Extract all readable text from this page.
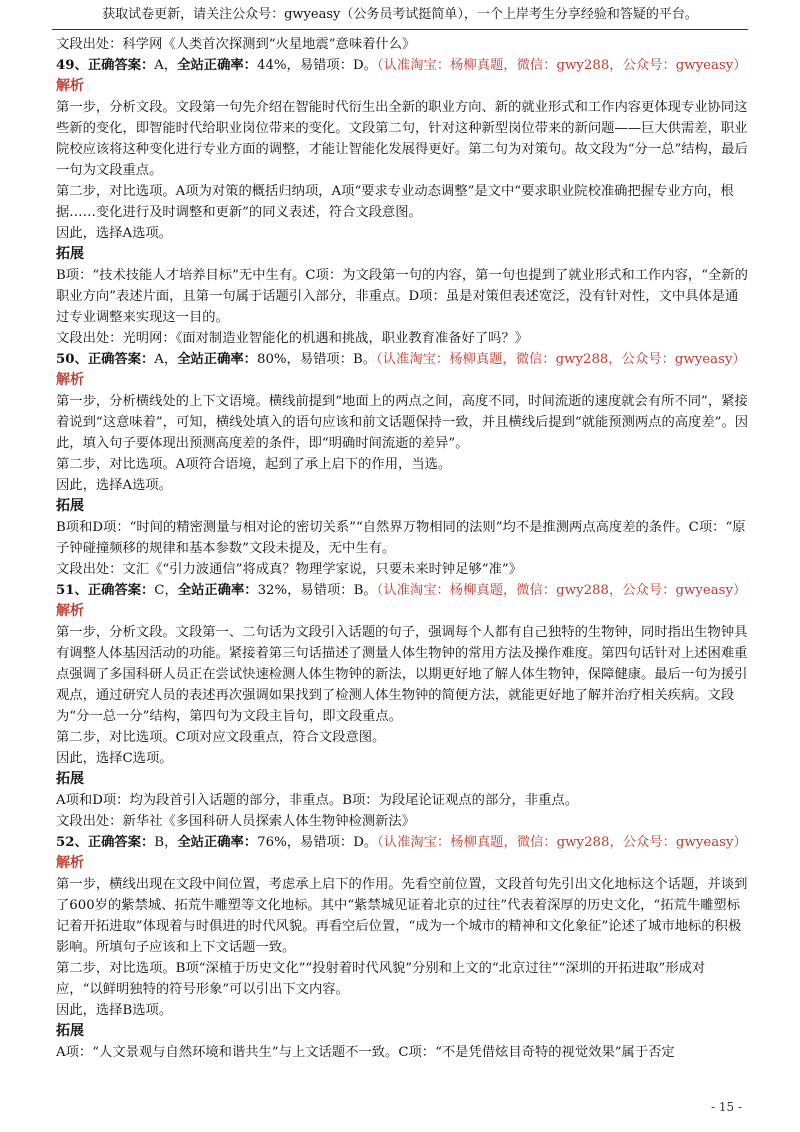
获取试卷更新，请关注公众号：gwyeasy（公务员考试挺简单），一个上岸考生分享经验和答疑的平台。

文段出处：科学网《人类首次探测到“火星地震”意味着什么》

49、正确答案：A，全站正确率：44%，易错项：D。（认准淘宝：杨柳真题，微信：gwy288，公众号：gwyeasy）

解析

第一步，分析文段。文段第一句先介绍在智能时代衍生出全新的职业方向、新的就业形式和工作内容更体现专业协同这些新的变化，即智能时代给职业岗位带来的变化。文段第二句，针对这种新型岗位带来的新问题——巨大供需差，职业院校应该将这种变化进行专业方面的调整，才能让智能化发展得更好。第二句为对策句。故文段为“分一总”结构，最后一句为文段重点。

第二步，对比选项。A项为对策的概括归纳项，A项“要求专业动态调整”是文中“要求职业院校准确把握专业方向，根据……变化进行及时调整和更新”的同义表述，符合文段意图。

因此，选择A选项。

拓展

B项：“技术技能人才培养目标”无中生有。C项：为文段第一句的内容，第一句也提到了就业形式和工作内容，“全新的职业方向”表述片面，且第一句属于话题引入部分，非重点。D项：虽是对策但表述宽泛，没有针对性，文中具体是通过专业调整来实现这一目的。

文段出处：光明网：《面对制造业智能化的机遇和挑战，职业教育准备好了吗？》

50、正确答案：A，全站正确率：80%，易错项：B。（认准淘宝：杨柳真题，微信：gwy288，公众号：gwyeasy）

解析

第一步，分析横线处的上下文语境。横线前提到“地面上的两点之间，高度不同，时间流逝的速度就会有所不同”，紧接着说到“这意味着”，可知，横线处填入的语句应该和前文话题保持一致，并且横线后提到“就能预测两点的高度差”。因此，填入句子要体现出预测高度差的条件，即“明确时间流逝的差异”。

第二步，对比选项。A项符合语境，起到了承上启下的作用，当选。

因此，选择A选项。

拓展

B项和D项：“时间的精密测量与相对论的密切关系”“自然界万物相同的法则”均不是推测两点高度差的条件。C项：“原子钟碰撞频移的规律和基本参数”文段未提及，无中生有。

文段出处：文汇《“引力波通信”将成真？物理学家说，只要未来时钟足够“准”》

51、正确答案：C，全站正确率：32%，易错项：B。（认准淘宝：杨柳真题，微信：gwy288，公众号：gwyeasy）

解析

第一步，分析文段。文段第一、二句话为文段引入话题的句子，强调每个人都有自己独特的生物钟，同时指出生物钟具有调整人体基因活动的功能。紧接着第三句话描述了测量人体生物钟的常用方法及操作难度。第四句话针对上述困难重点强调了多国科研人员正在尝试快速检测人体生物钟的新法，以期更好地了解人体生物钟，保障健康。最后一句为援引观点，通过研究人员的表述再次强调如果找到了检测人体生物钟的简便方法，就能更好地了解并治疗相关疾病。文段为“分一总一分”结构，第四句为文段主旨句，即文段重点。

第二步，对比选项。C项对应文段重点，符合文段意图。

因此，选择C选项。

拓展

A项和D项：均为段首引入话题的部分，非重点。B项：为段尾论证观点的部分，非重点。

文段出处：新华社《多国科研人员探索人体生物钟检测新法》

52、正确答案：B，全站正确率：76%，易错项：D。（认准淘宝：杨柳真题，微信：gwy288，公众号：gwyeasy）

解析

第一步，横线出现在文段中间位置，考虑承上启下的作用。先看空前位置，文段首句先引出文化地标这个话题，并谈到了600岁的紫禁城、拓荒牛雕塑等文化地标。其中“紫禁城见证着北京的过往”代表着深厚的历史文化，“拓荒牛雕塑标记着开拓进取”体现着与时俱进的时代风貌。再看空后位置，“成为一个城市的精神和文化象征”论述了城市地标的积极影响。所填句子应该和上下文话题一致。

第二步，对比选项。B项“深植于历史文化”“投射着时代风貌”分别和上文的“北京过往”“深圳的开拓进取”形成对应，“以鲜明独特的符号形象”可以引出下文内容。

因此，选择B选项。

拓展

A项：“人文景观与自然环境和谐共生”与上文话题不一致。C项：“不是凭借炫目奇特的视觉效果”属于否定

- 15 -
